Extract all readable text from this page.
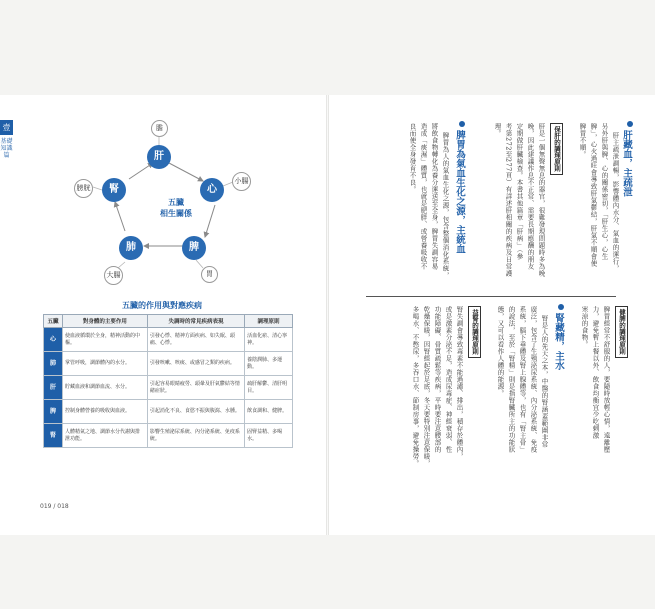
壹
基礎知識篇	肝
心
脾
肺
腎
膽
小腸
胃
大腸
膀胱
五臟
相生關係
五臟的作用與對應疾病
五臟	對身體的主要作用	失調時的常見疾病表現	調理原則
心	使血液循環於全身，精神活動的中樞。	引發心悸、精神方面疾病、如失眠、頭痛、心悸。	活血化瘀、清心寧神。
肺	掌管呼吸，調節體內的水分。	引發咳嗽、咳痰、或感冒之類的疾病。	養陰潤肺、多運動。
肝	貯藏血液和調節血流、水分。	引起容易眼睛疲勞、頭暈及肝氣鬱結等情緒症狀。	疏肝解鬱、清肝明目。
脾	控制身體營養的吸收與血液。	引起消化不良、食慾不振與腹瀉、水腫。	飲食調和、健脾。
腎	人體精氣之地、調節水分代謝與排泄功能。	影響生殖泌尿系統、內分泌系統、免疫系統。	固腎益精、多喝水。
019 / 018
肝藏血，主疏泄
肝主疏泄調暢，影響體內水分、氣血的運行，
另外肝與脾、心的關係密切，「肝生心，心生
脾」，心火過旺會導致肝氣鬱結，肝氣不順會使
脾胃不順。
保肝的調理原則
肝是一個無聲無息的器官，很難發現問題時多為晚
晚，因此建議作息不正常、需要長期應酬的朋友
定期做肝臟檢查。本書其他篇章「肝病」（參
考第272至277頁）有詳述肝相關的疾病及日常護
理。
脾胃為氣血生化之源，主統血
脾胃為人的氣血生化之源，包含整個消化系統，
將飲食物轉化為養分運送至全身，脾胃失調容易
造成「痰濕」體質，也就是肥胖、或營養吸收不
良而使全身發育不良。
健脾的調理原則
脾胃經常不舒服的人，要隨時放輕心情，遠離壓
力，避免暫上餐以外、飲食均衡宜少吃刺激
寒涼的食物。
腎藏精，主水
腎是人的先天之本，中醫的腎涵蓋範圍非常
廣泛，包含了生殖泌尿系統、內分泌系統、免疫
系統，腦下垂體及腎上腺體等，也有「腎主骨」
的說法，至於「腎精」則是指腎臟所主的功能狀
態，又可以看作人體的能源。
益腎的調理原則
腎失調會導致毒素不能過濾、排出，積存於體內，
或是激素分泌不足，造成尿毒症、神經衰弱、性
功能障礙、骨質疏鬆等疾病，平時要注意腰部的
乾燥保暖，因腎經起於足底，冬天要特別注意保暖，
多喝水、不憋尿，多吞口水、節制房事，避免操勞。
